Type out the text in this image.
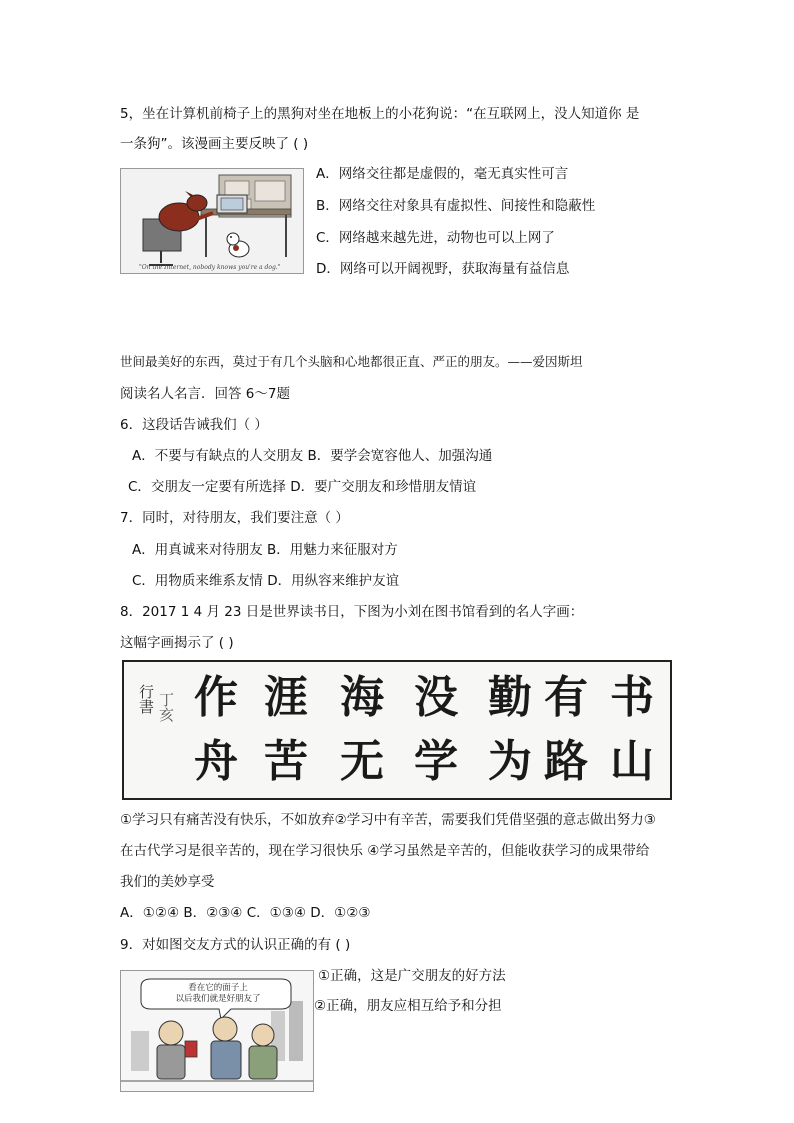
5，坐在计算机前椅子上的黑狗对坐在地板上的小花狗说：“在互联网上，没人知道你 是
一条狗”。该漫画主要反映了 ( )
"On the Internet, nobody knows you're a dog."
A．网络交往都是虚假的，毫无真实性可言
B．网络交往对象具有虚拟性、间接性和隐蔽性
C．网络越来越先进，动物也可以上网了
D．网络可以开阔视野，获取海量有益信息
世间最美好的东西，莫过于有几个头脑和心地都很正直、严正的朋友。——爱因斯坦
阅读名人名言．回答 6～7题
6．这段话告诫我们（ ）
A．不要与有缺点的人交朋友 B．要学会宽容他人、加强沟通
C．交朋友一定要有所选择 D．要广交朋友和珍惜朋友情谊
7．同时，对待朋友，我们要注意（ ）
A．用真诚来对待朋友 B．用魅力来征服对方
C．用物质来维系友情 D．用纵容来维护友谊
8．2017 1 4 月 23 日是世界读书日，下图为小刘在图书馆看到的名人字画：
这幅字画揭示了 ( )
行書 丁亥 作 涯 海 没 勤 有 书
舟 苦 无 学 为 路 山
①学习只有痛苦没有快乐，不如放弃②学习中有辛苦，需要我们凭借坚强的意志做出努力③
在古代学习是很辛苦的，现在学习很快乐 ④学习虽然是辛苦的，但能收获学习的成果带给
我们的美妙享受
A．①②④ B．②③④ C．①③④ D．①②③
9．对如图交友方式的认识正确的有 ( )
看在它的面子上
以后我们就是好朋友了
①正确，这是广交朋友的好方法
②正确，朋友应相互给予和分担
